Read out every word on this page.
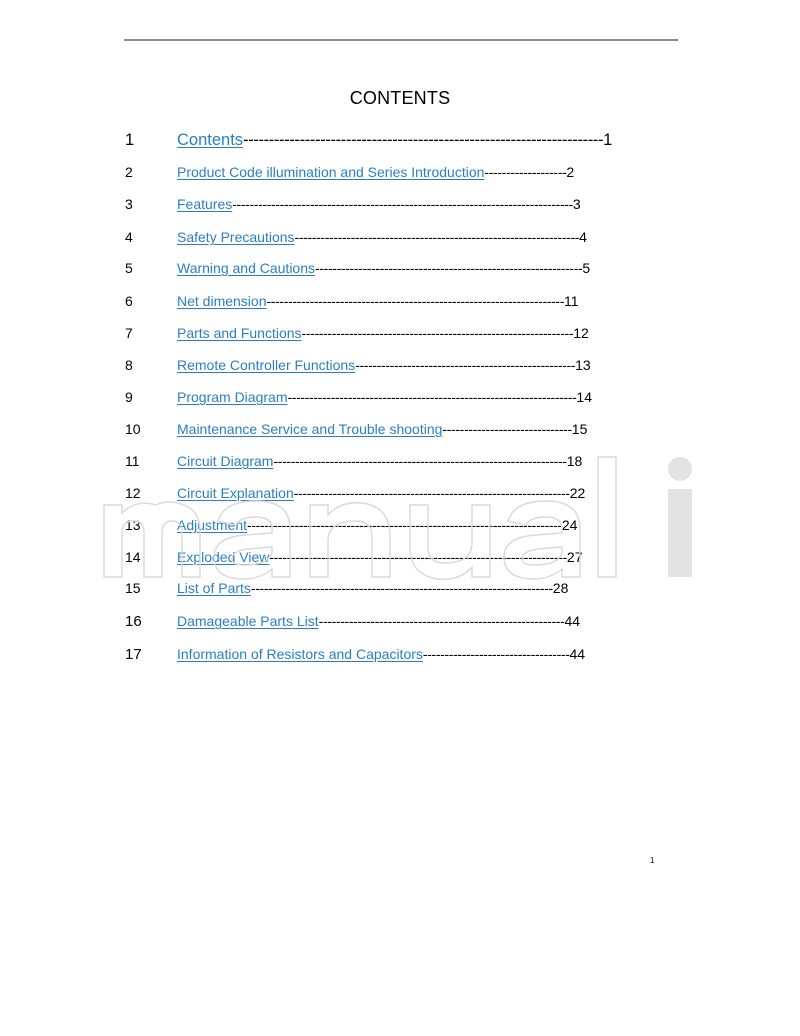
CONTENTS
1	Contents----------------------------------------------------------------------1
2	Product Code illumination and Series Introduction-------------------2
3	Features-------------------------------------------------------------------------------3
4	Safety Precautions------------------------------------------------------------------4
5	Warning and Cautions--------------------------------------------------------------5
6	Net dimension---------------------------------------------------------------------11
7	Parts and Functions---------------------------------------------------------------12
8	Remote Controller Functions---------------------------------------------------13
9	Program Diagram-------------------------------------------------------------------14
10	Maintenance Service and Trouble shooting------------------------------15
11	Circuit Diagram--------------------------------------------------------------------18
12	Circuit Explanation----------------------------------------------------------------22
13	Adjustment-------------------------------------------------------------------------24
14	Exploded View---------------------------------------------------------------------27
15	List of Parts----------------------------------------------------------------------28
16	Damageable Parts List---------------------------------------------------------44
17	Information of Resistors and Capacitors----------------------------------44
1
